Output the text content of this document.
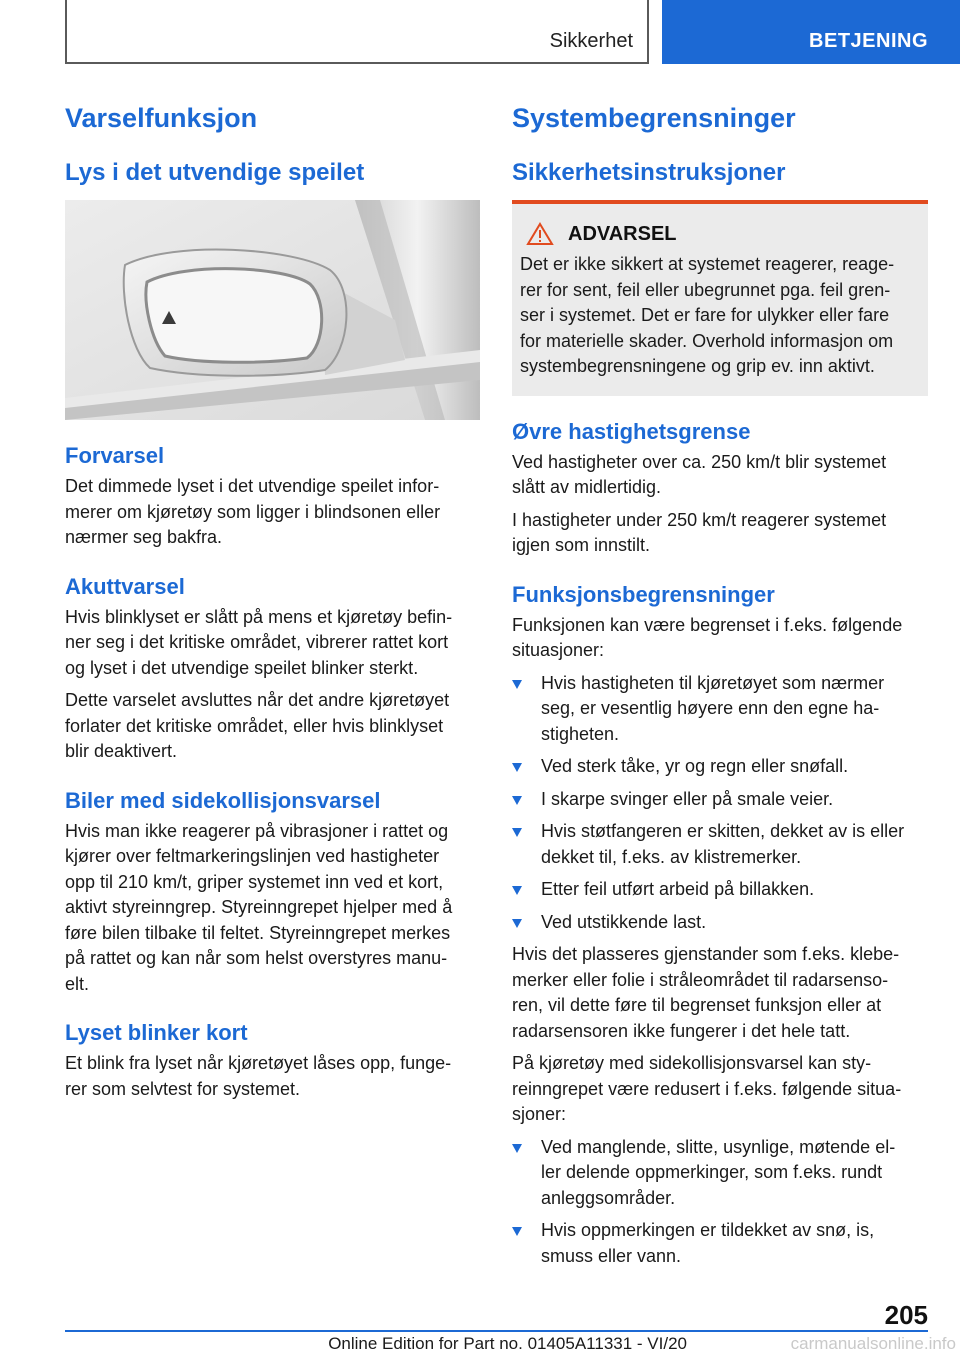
Sikkerhet	BETJENING
Varselfunksjon
Lys i det utvendige speilet
Forvarsel

Det dimmede lyset i det utvendige speilet infor-
merer om kjøretøy som ligger i blindsonen eller
nærmer seg bakfra.

Akuttvarsel

Hvis blinklyset er slått på mens et kjøretøy befin-
ner seg i det kritiske området, vibrerer rattet kort
og lyset i det utvendige speilet blinker sterkt.

Dette varselet avsluttes når det andre kjøretøyet
forlater det kritiske området, eller hvis blinklyset
blir deaktivert.

Biler med sidekollisjonsvarsel

Hvis man ikke reagerer på vibrasjoner i rattet og
kjører over feltmarkeringslinjen ved hastigheter
opp til 210 km/t, griper systemet inn ved et kort,
aktivt styreinngrep. Styreinngrepet hjelper med å
føre bilen tilbake til feltet. Styreinngrepet merkes
på rattet og kan når som helst overstyres manu-
elt.

Lyset blinker kort

Et blink fra lyset når kjøretøyet låses opp, funge-
rer som selvtest for systemet.

Systembegrensninger
Sikkerhetsinstruksjoner
ADVARSEL

Det er ikke sikkert at systemet reagerer, reage-
rer for sent, feil eller ubegrunnet pga. feil gren-
ser i systemet. Det er fare for ulykker eller fare
for materielle skader. Overhold informasjon om
systembegrensningene og grip ev. inn aktivt.

Øvre hastighetsgrense

Ved hastigheter over ca. 250 km/t blir systemet
slått av midlertidig.

I hastigheter under 250 km/t reagerer systemet
igjen som innstilt.

Funksjonsbegrensninger

Funksjonen kan være begrenset i f.eks. følgende
situasjoner:

Hvis hastigheten til kjøretøyet som nærmer
seg, er vesentlig høyere enn den egne ha-
stigheten.
Ved sterk tåke, yr og regn eller snøfall.
I skarpe svinger eller på smale veier.
Hvis støtfangeren er skitten, dekket av is eller
dekket til, f.eks. av klistremerker.
Etter feil utført arbeid på billakken.
Ved utstikkende last.

Hvis det plasseres gjenstander som f.eks. klebe-
merker eller folie i stråleområdet til radarsenso-
ren, vil dette føre til begrenset funksjon eller at
radarsensoren ikke fungerer i det hele tatt.

På kjøretøy med sidekollisjonsvarsel kan sty-
reinngrepet være redusert i f.eks. følgende situa-
sjoner:

Ved manglende, slitte, usynlige, møtende el-
ler delende oppmerkinger, som f.eks. rundt
anleggsområder.
Hvis oppmerkingen er tildekket av snø, is,
smuss eller vann.
205
Online Edition for Part no. 01405A11331 - VI/20	carmanualsonline.info
